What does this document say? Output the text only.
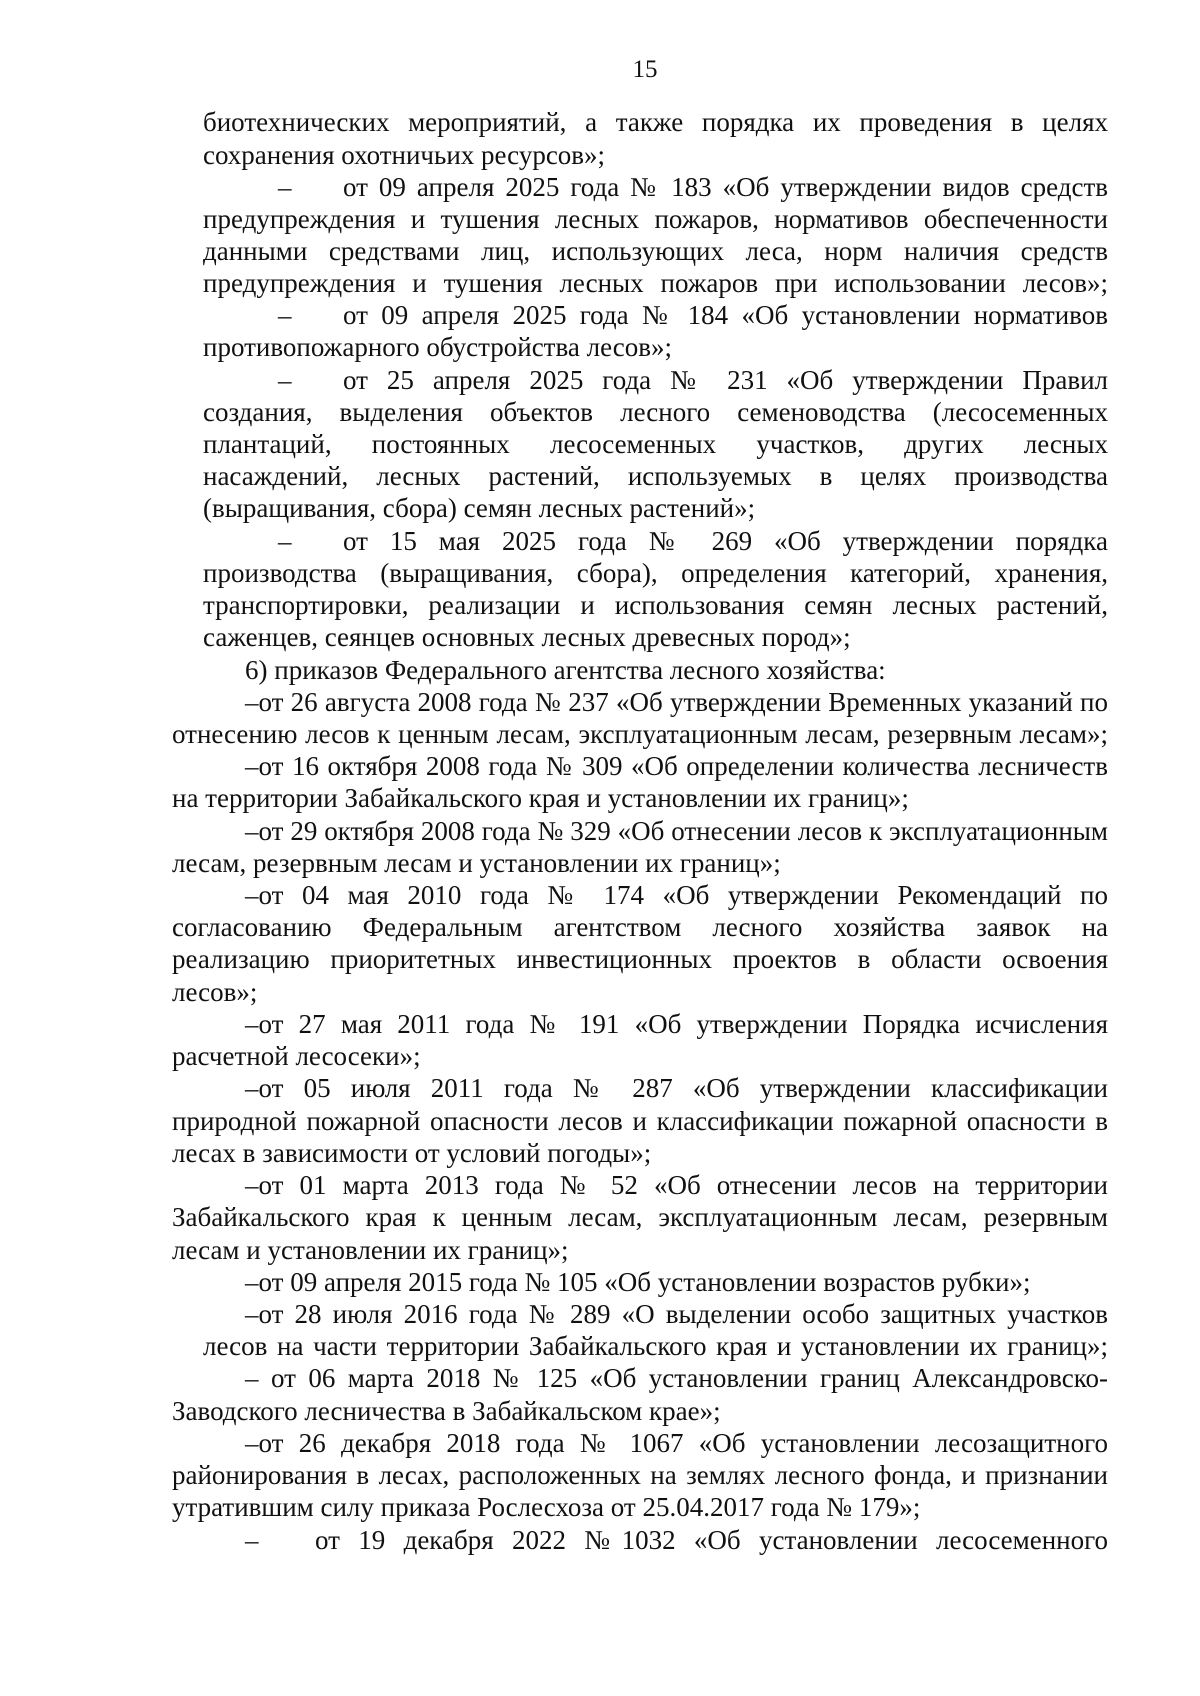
15
биотехнических мероприятий, а также порядка их проведения в целях
сохранения охотничьих ресурсов»;
– от 09 апреля 2025 года № 183 «Об утверждении видов средств
предупреждения и тушения лесных пожаров, нормативов обеспеченности
данными средствами лиц, использующих леса, норм наличия средств
предупреждения и тушения лесных пожаров при использовании лесов»;
– от 09 апреля 2025 года № 184 «Об установлении нормативов
противопожарного обустройства лесов»;
– от 25 апреля 2025 года № 231 «Об утверждении Правил
создания, выделения объектов лесного семеноводства (лесосеменных
плантаций, постоянных лесосеменных участков, других лесных
насаждений, лесных растений, используемых в целях производства
(выращивания, сбора) семян лесных растений»;
– от 15 мая 2025 года № 269 «Об утверждении порядка
производства (выращивания, сбора), определения категорий, хранения,
транспортировки, реализации и использования семян лесных растений,
саженцев, сеянцев основных лесных древесных пород»;
6) приказов Федерального агентства лесного хозяйства:
–от 26 августа 2008 года № 237 «Об утверждении Временных указаний по
отнесению лесов к ценным лесам, эксплуатационным лесам, резервным лесам»;
–от 16 октября 2008 года № 309 «Об определении количества лесничеств
на территории Забайкальского края и установлении их границ»;
–от 29 октября 2008 года № 329 «Об отнесении лесов к эксплуатационным
лесам, резервным лесам и установлении их границ»;
–от 04 мая 2010 года № 174 «Об утверждении Рекомендаций по
согласованию Федеральным агентством лесного хозяйства заявок на
реализацию приоритетных инвестиционных проектов в области освоения
лесов»;
–от 27 мая 2011 года № 191 «Об утверждении Порядка исчисления
расчетной лесосеки»;
–от 05 июля 2011 года № 287 «Об утверждении классификации
природной пожарной опасности лесов и классификации пожарной опасности в
лесах в зависимости от условий погоды»;
–от 01 марта 2013 года № 52 «Об отнесении лесов на территории
Забайкальского края к ценным лесам, эксплуатационным лесам, резервным
лесам и установлении их границ»;
–от 09 апреля 2015 года № 105 «Об установлении возрастов рубки»;
–от 28 июля 2016 года № 289 «О выделении особо защитных участков
лесов на части территории Забайкальского края и установлении их границ»;
– от 06 марта 2018 № 125 «Об установлении границ Александровско-
Заводского лесничества в Забайкальском крае»;
–от 26 декабря 2018 года № 1067 «Об установлении лесозащитного
районирования в лесах, расположенных на землях лесного фонда, и признании
утратившим силу приказа Рослесхоза от 25.04.2017 года № 179»;
– от 19 декабря 2022 №1032 «Об установлении лесосеменного
